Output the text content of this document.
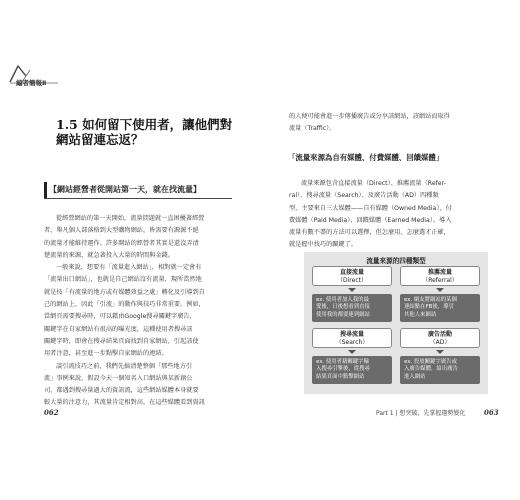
編者簡報Ⅱ
1.5 如何留下使用者，讓他們對網站留連忘返？
【網站經營者從開站第一天，就在找流量】

從經營網站的第一天開始，流量問題就一直困擾著經營

者，舉凡個人部落格到大型購物網站，皆需要有源源不絕

的流量才能維持運作。許多開站的經營者其實是還沒弄清

楚流量的來源，就急著投入大量的時間與金錢。

一般來說，想要有「流量進入網站」，相對就一定會有

「流量出口網站」，也就是自己網站沒有流量，現所當然地

就是按「有流量的地方或有媒體效益之處」轉化及引導到自

己的網站上，因此「引流」的動作與技巧非常重要。例如，

當網頁需要搜尋時，可以藉由Google搜尋關鍵字廣告，

關鍵字在自家網站有很高的曝光度，這種使用者搜尋該

關鍵字時，即會在搜尋結果頁面找到自家網站，引起該使

用者注意，甚至進一步點擊自家網站的連結。

談引流技巧之前，我們先搞清楚整個「那些地方引

流」事例來說，假設今天一個知名入口網站與某新創公

司，都遇到搜尋量過大的資訊流，這些網站媒體本身就要

較大量的注意力，其流量肯定相對高，在這些媒體看到資訊

062

的人便可能會進一步傳播廣告或分享該網站，該網站而取得

流量（Traffic）。

「流量來源為自有媒體、付費媒體、回饋媒體」

流量來源包含直接流量（Direct）、推薦流量（Refer-

ral）、搜尋流量（Search）、及廣告活動（AD）四種類

型，主要來自三大媒體——自有媒體（Owned Media）、付

費媒體（Paid Media）、回饋媒體（Earned Media）。導入

流量有數不盡的方法可以選擇，但怎麼用、怎麼選才正確，

就是握中找巧的關鍵了。

流量來源的四種類型
直接流量
（Direct）
ex. 使用者加入我的最
愛後，日後想看到直接
使用我的都要連到網站
推薦流量
（Referral）
ex. 網友將網站的某個
連結點在FB後，導引
其他人來網站
搜尋流量
（Search）
ex. 使用者藉關鍵字輸
入搜尋引擎後，從搜尋
結果頁面中點擊網站
廣告活動
（AD）
ex. 投放關鍵字廣告或
入廣告媒體，給出廣告
進入網站
Part 1 | 想突破，先掌握趨勢變化	063
